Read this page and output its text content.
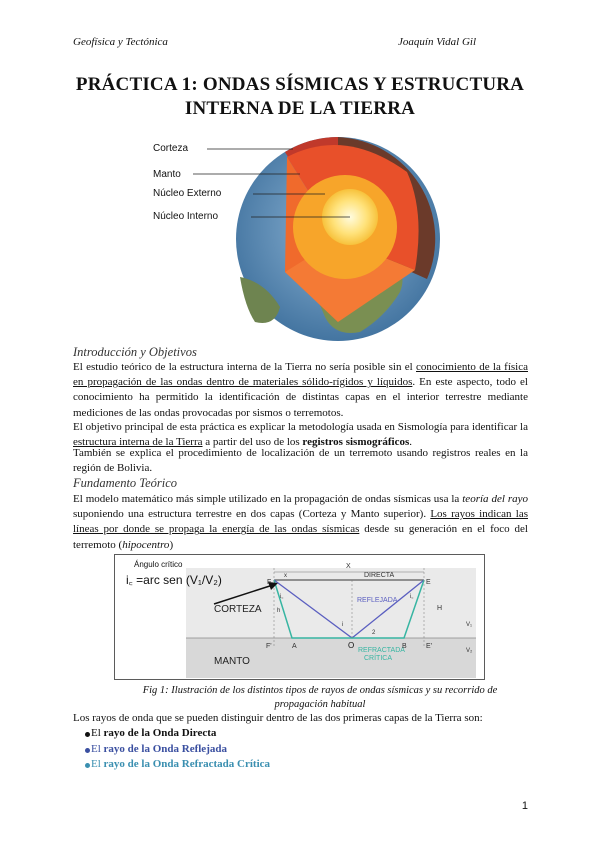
Geofísica y Tectónica	Joaquín Vidal Gil
PRÁCTICA 1: ONDAS SÍSMICAS Y ESTRUCTURA
INTERNA DE LA TIERRA
Corteza
Manto
Núcleo Externo
Núcleo Interno
Introducción y Objetivos
El estudio teórico de la estructura interna de la Tierra no sería posible sin el conocimiento de la física en propagación de las ondas dentro de materiales sólido-rígidos y líquidos. En este aspecto, todo el conocimiento ha permitido la identificación de distintas capas en el interior terrestre mediante mediciones de las ondas provocadas por sismos o terremotos.
El objetivo principal de esta práctica es explicar la metodología usada en Sismología para identificar la estructura interna de la Tierra a partir del uso de los registros sismográficos.
También se explica el procedimiento de localización de un terremoto usando registros reales en la región de Bolivia.
Fundamento Teórico
El modelo matemático más simple utilizado en la propagación de ondas sísmicas usa la teoría del rayo suponiendo una estructura terrestre en dos capas (Corteza y Manto superior). Los rayos indican las líneas por donde se propaga la energía de las ondas sísmicas desde su generación en el foco del terremoto (hipocentro)
Ángulo crítico
i꜀ =arc sen (V₁/V₂)
CORTEZA
MANTO
DIRECTA
REFLEJADA
REFRACTADA
CRÍTICA
F	E
X
H
O
A	B
F'	E'
x
h
V₁
V₂
i꜀	i꜀
i
2
Fig 1: Ilustración de los distintos tipos de rayos de ondas sísmicas y su recorrido de
propagación habitual
Los rayos de onda que se pueden distinguir dentro de las dos primeras capas de la Tierra son:
El rayo de la Onda Directa
El rayo de la Onda Reflejada
El rayo de la Onda Refractada Crítica
1
